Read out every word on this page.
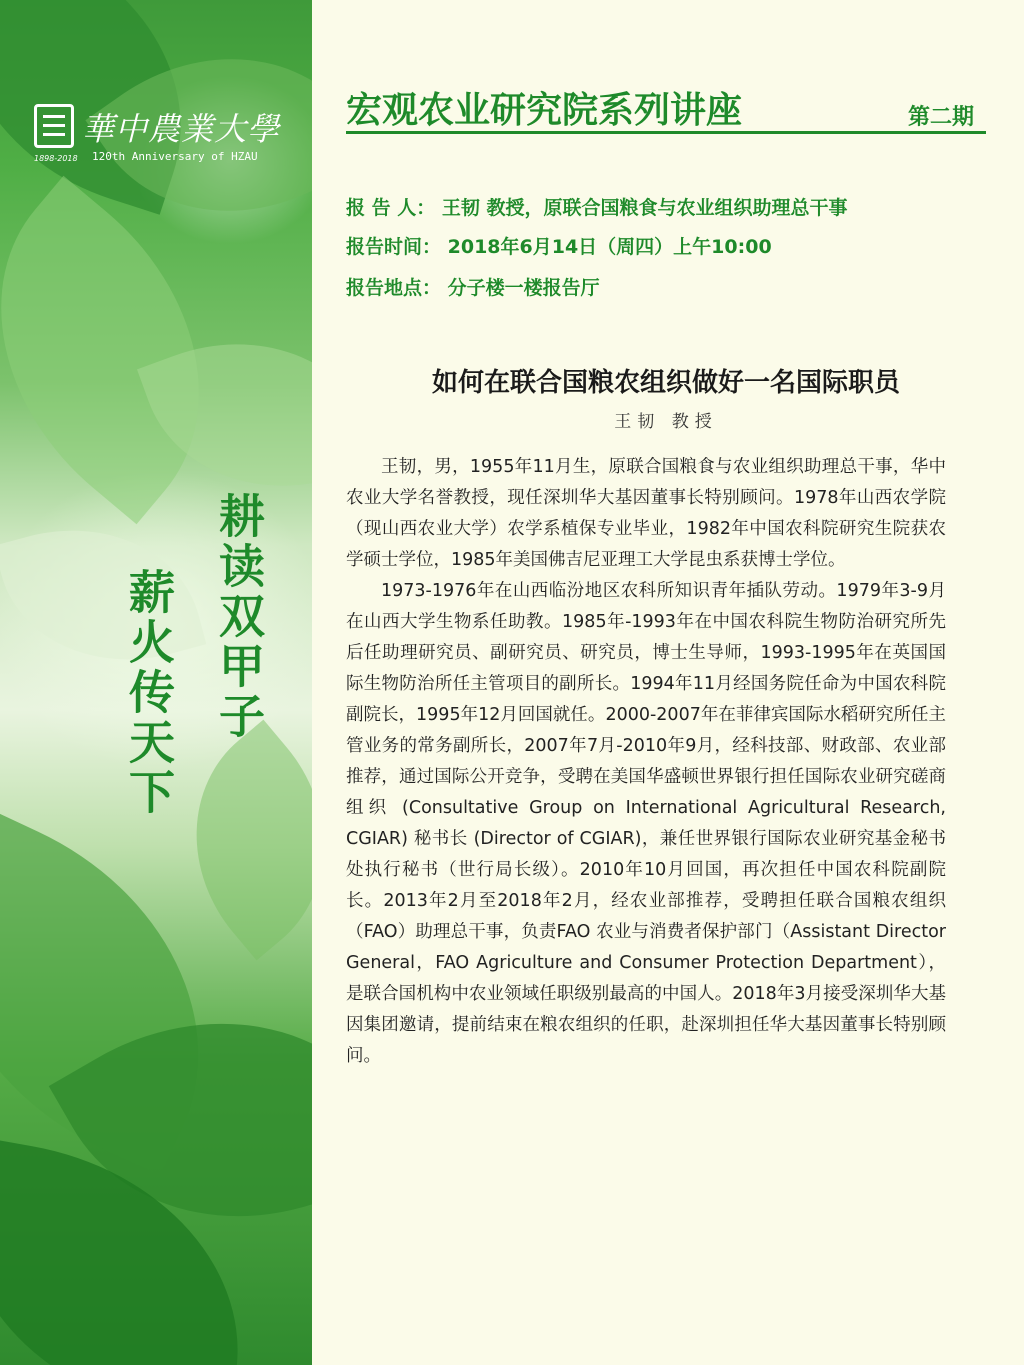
華中農業大學
1898-2018 120th Anniversary of HZAU
耕读双甲子
薪火传天下
宏观农业研究院系列讲座	第二期
报 告 人： 王韧 教授，原联合国粮食与农业组织助理总干事
报告时间： 2018年6月14日（周四）上午10:00
报告地点： 分子楼一楼报告厅
如何在联合国粮农组织做好一名国际职员
王韧 教授

王韧，男，1955年11月生，原联合国粮食与农业组织助理总干事，华中农业大学名誉教授，现任深圳华大基因董事长特别顾问。1978年山西农学院（现山西农业大学）农学系植保专业毕业，1982年中国农科院研究生院获农学硕士学位，1985年美国佛吉尼亚理工大学昆虫系获博士学位。

1973-1976年在山西临汾地区农科所知识青年插队劳动。1979年3-9月在山西大学生物系任助教。1985年-1993年在中国农科院生物防治研究所先后任助理研究员、副研究员、研究员，博士生导师，1993-1995年在英国国际生物防治所任主管项目的副所长。1994年11月经国务院任命为中国农科院副院长，1995年12月回国就任。2000-2007年在菲律宾国际水稻研究所任主管业务的常务副所长，2007年7月-2010年9月，经科技部、财政部、农业部推荐，通过国际公开竞争，受聘在美国华盛顿世界银行担任国际农业研究磋商组织 (Consultative Group on International Agricultural Research, CGIAR) 秘书长 (Director of CGIAR)，兼任世界银行国际农业研究基金秘书处执行秘书（世行局长级）。2010年10月回国，再次担任中国农科院副院长。2013年2月至2018年2月，经农业部推荐，受聘担任联合国粮农组织（FAO）助理总干事，负责FAO 农业与消费者保护部门（Assistant Director General，FAO Agriculture and Consumer Protection Department），是联合国机构中农业领域任职级别最高的中国人。2018年3月接受深圳华大基因集团邀请，提前结束在粮农组织的任职，赴深圳担任华大基因董事长特别顾问。
